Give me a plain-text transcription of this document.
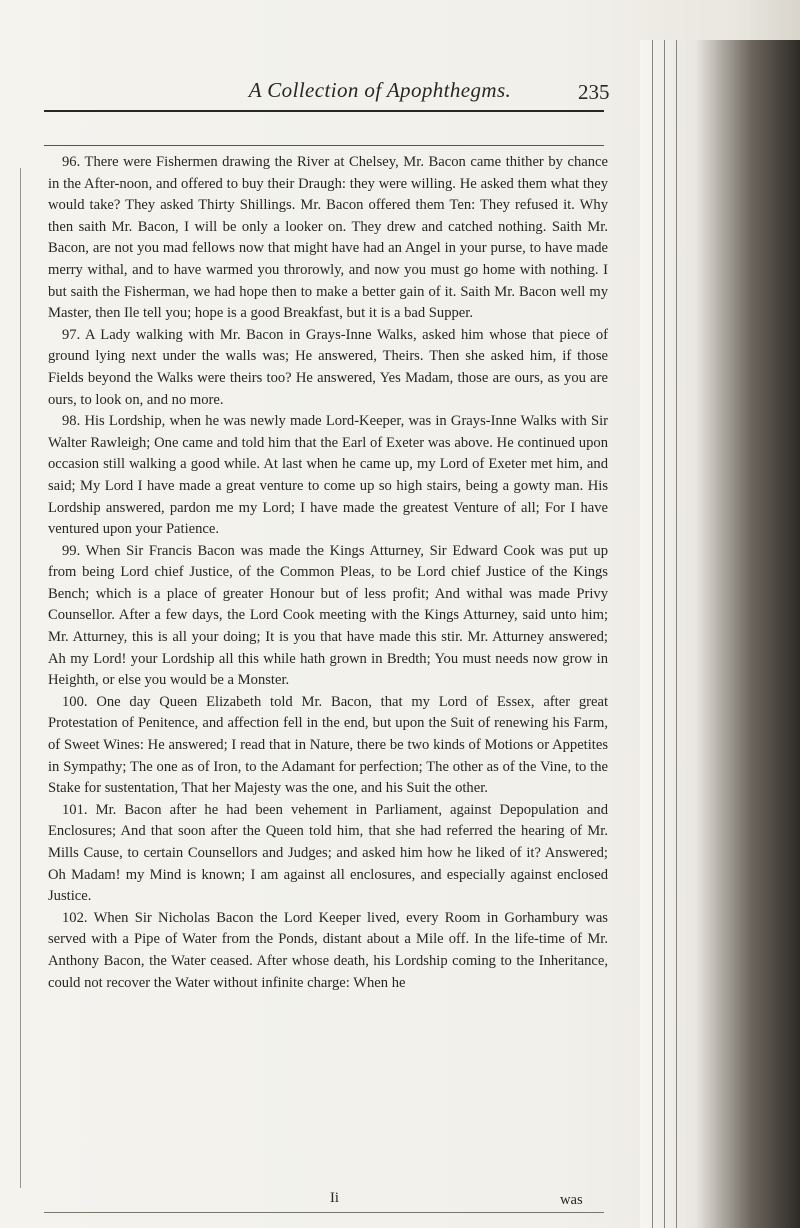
A Collection of Apophthegms.	235

96. There were Fishermen drawing the River at Chelsey, Mr. Bacon came thither by chance in the After-noon, and offered to buy their Draugh: they were willing. He asked them what they would take? They asked Thirty Shillings. Mr. Bacon offered them Ten: They refused it. Why then saith Mr. Bacon, I will be only a looker on. They drew and catched nothing. Saith Mr. Bacon, are not you mad fellows now that might have had an Angel in your purse, to have made merry withal, and to have warmed you throrowly, and now you must go home with nothing. I but saith the Fisherman, we had hope then to make a better gain of it. Saith Mr. Bacon well my Master, then Ile tell you; hope is a good Breakfast, but it is a bad Supper.

97. A Lady walking with Mr. Bacon in Grays-Inne Walks, asked him whose that piece of ground lying next under the walls was; He answered, Theirs. Then she asked him, if those Fields beyond the Walks were theirs too? He answered, Yes Madam, those are ours, as you are ours, to look on, and no more.

98. His Lordship, when he was newly made Lord-Keeper, was in Grays-Inne Walks with Sir Walter Rawleigh; One came and told him that the Earl of Exeter was above. He continued upon occasion still walking a good while. At last when he came up, my Lord of Exeter met him, and said; My Lord I have made a great venture to come up so high stairs, being a gowty man. His Lordship answered, pardon me my Lord; I have made the greatest Venture of all; For I have ventured upon your Patience.

99. When Sir Francis Bacon was made the Kings Atturney, Sir Edward Cook was put up from being Lord chief Justice, of the Common Pleas, to be Lord chief Justice of the Kings Bench; which is a place of greater Honour but of less profit; And withal was made Privy Counsellor. After a few days, the Lord Cook meeting with the Kings Atturney, said unto him; Mr. Atturney, this is all your doing; It is you that have made this stir. Mr. Atturney answered; Ah my Lord! your Lordship all this while hath grown in Bredth; You must needs now grow in Heighth, or else you would be a Monster.

100. One day Queen Elizabeth told Mr. Bacon, that my Lord of Essex, after great Protestation of Penitence, and affection fell in the end, but upon the Suit of renewing his Farm, of Sweet Wines: He answered; I read that in Nature, there be two kinds of Motions or Appetites in Sympathy; The one as of Iron, to the Adamant for perfection; The other as of the Vine, to the Stake for sustentation, That her Majesty was the one, and his Suit the other.

101. Mr. Bacon after he had been vehement in Parliament, against Depopulation and Enclosures; And that soon after the Queen told him, that she had referred the hearing of Mr. Mills Cause, to certain Counsellors and Judges; and asked him how he liked of it? Answered; Oh Madam! my Mind is known; I am against all enclosures, and especially against enclosed Justice.

102. When Sir Nicholas Bacon the Lord Keeper lived, every Room in Gorhambury was served with a Pipe of Water from the Ponds, distant about a Mile off. In the life-time of Mr. Anthony Bacon, the Water ceased. After whose death, his Lordship coming to the Inheritance, could not recover the Water without infinite charge: When he

Ii	was
